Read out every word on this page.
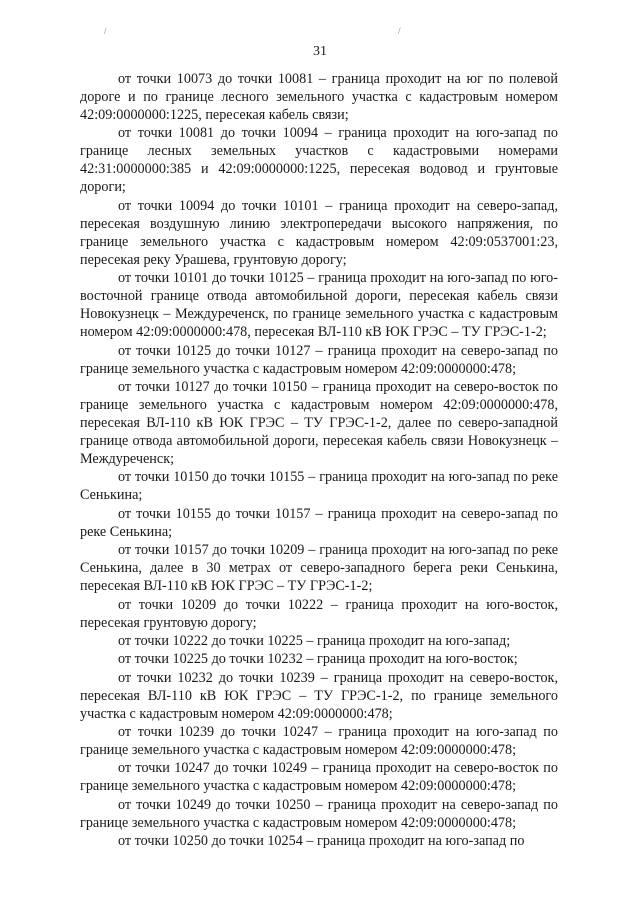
/	/
31

от точки 10073 до точки 10081 – граница проходит на юг по полевой дороге и по границе лесного земельного участка с кадастровым номером 42:09:0000000:1225, пересекая кабель связи;

от точки 10081 до точки 10094 – граница проходит на юго-запад по границе лесных земельных участков с кадастровыми номерами 42:31:0000000:385 и 42:09:0000000:1225, пересекая водовод и грунтовые дороги;

от точки 10094 до точки 10101 – граница проходит на северо-запад, пересекая воздушную линию электропередачи высокого напряжения, по границе земельного участка с кадастровым номером 42:09:0537001:23, пересекая реку Урашева, грунтовую дорогу;

от точки 10101 до точки 10125 – граница проходит на юго-запад по юго-восточной границе отвода автомобильной дороги, пересекая кабель связи Новокузнецк – Междуреченск, по границе земельного участка с кадастровым номером 42:09:0000000:478, пересекая ВЛ-110 кВ ЮК ГРЭС – ТУ ГРЭС-1-2;

от точки 10125 до точки 10127 – граница проходит на северо-запад по границе земельного участка с кадастровым номером 42:09:0000000:478;

от точки 10127 до точки 10150 – граница проходит на северо-восток по границе земельного участка с кадастровым номером 42:09:0000000:478, пересекая ВЛ-110 кВ ЮК ГРЭС – ТУ ГРЭС-1-2, далее по северо-западной границе отвода автомобильной дороги, пересекая кабель связи Новокузнецк – Междуреченск;

от точки 10150 до точки 10155 – граница проходит на юго-запад по реке Сенькина;

от точки 10155 до точки 10157 – граница проходит на северо-запад по реке Сенькина;

от точки 10157 до точки 10209 – граница проходит на юго-запад по реке Сенькина, далее в 30 метрах от северо-западного берега реки Сенькина, пересекая ВЛ-110 кВ ЮК ГРЭС – ТУ ГРЭС-1-2;

от точки 10209 до точки 10222 – граница проходит на юго-восток, пересекая грунтовую дорогу;

от точки 10222 до точки 10225 – граница проходит на юго-запад;

от точки 10225 до точки 10232 – граница проходит на юго-восток;

от точки 10232 до точки 10239 – граница проходит на северо-восток, пересекая ВЛ-110 кВ ЮК ГРЭС – ТУ ГРЭС-1-2, по границе земельного участка с кадастровым номером 42:09:0000000:478;

от точки 10239 до точки 10247 – граница проходит на юго-запад по границе земельного участка с кадастровым номером 42:09:0000000:478;

от точки 10247 до точки 10249 – граница проходит на северо-восток по границе земельного участка с кадастровым номером 42:09:0000000:478;

от точки 10249 до точки 10250 – граница проходит на северо-запад по границе земельного участка с кадастровым номером 42:09:0000000:478;

от точки 10250 до точки 10254 – граница проходит на юго-запад по
